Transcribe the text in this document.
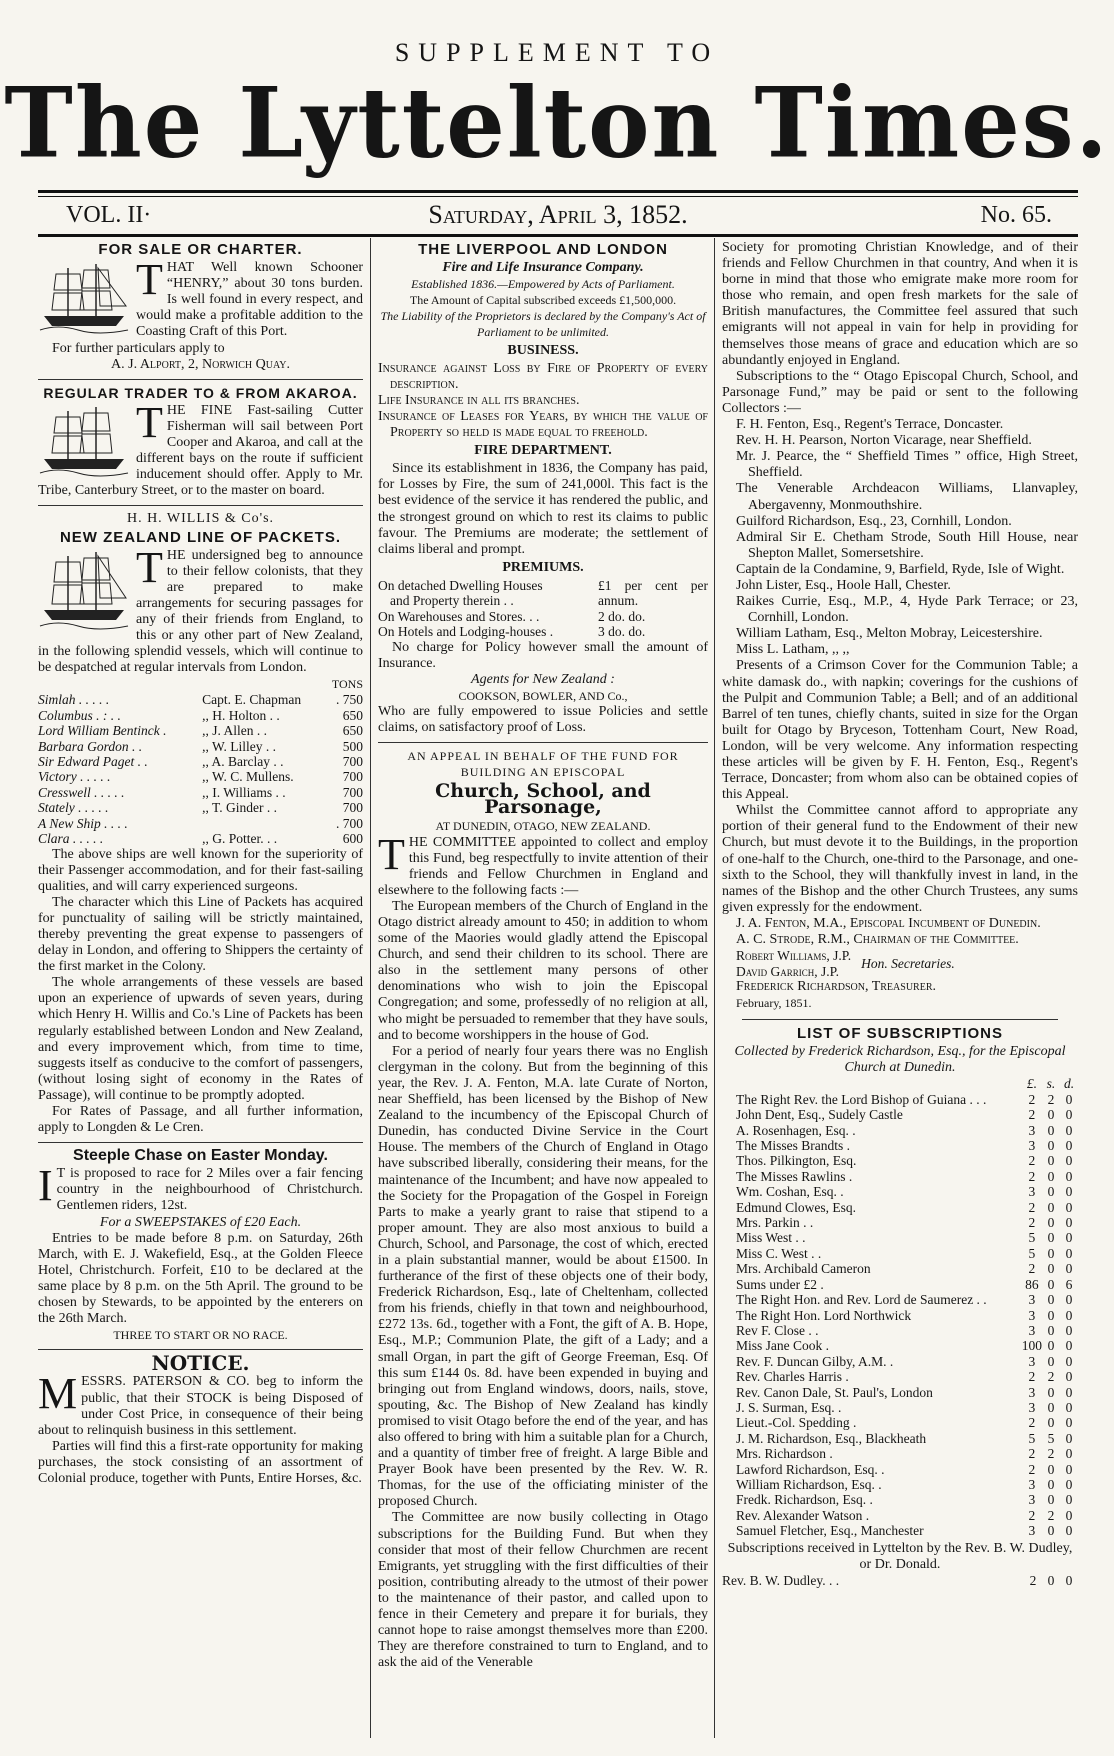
SUPPLEMENT TO
The Lyttelton Times.
VOL. II·	Saturday, April 3, 1852.	No. 65.
FOR SALE OR CHARTER.
T HAT Well known Schooner “HENRY,” about 30 tons burden. Is well found in every respect, and would make a profitable addition to the Coasting Craft of this Port.

For further particulars apply to

A. J. Alport, 2, Norwich Quay.

REGULAR TRADER TO & FROM AKAROA.
T HE FINE Fast-sailing Cutter Fisherman will sail between Port Cooper and Akaroa, and call at the different bays on the route if sufficient inducement should offer. Apply to Mr. Tribe, Canterbury Street, or to the master on board.

H. H. WILLIS & Co's.
NEW ZEALAND LINE OF PACKETS.
T HE undersigned beg to announce to their fellow colonists, that they are prepared to make arrangements for securing passages for any of their friends from England, to this or any other part of New Zealand, in the following splendid vessels, which will continue to be despatched at regular intervals from London.

TONS
Simlah . . . . .	Capt. E. Chapman	. 750
Columbus . : . .	,, H. Holton . .	650
Lord William Bentinck .	,, J. Allen . .	650
Barbara Gordon . .	,, W. Lilley . .	500
Sir Edward Paget . .	,, A. Barclay . .	700
Victory . . . . .	,, W. C. Mullens.	700
Cresswell . . . . .	,, I. Williams . .	700
Stately . . . . .	,, T. Ginder . .	700
A New Ship . . . .		. 700
Clara . . . . .	,, G. Potter. . .	600

The above ships are well known for the superiority of their Passenger accommodation, and for their fast-sailing qualities, and will carry experienced surgeons.

The character which this Line of Packets has acquired for punctuality of sailing will be strictly maintained, thereby preventing the great expense to passengers of delay in London, and offering to Shippers the certainty of the first market in the Colony.

The whole arrangements of these vessels are based upon an experience of upwards of seven years, during which Henry H. Willis and Co.'s Line of Packets has been regularly established between London and New Zealand, and every improvement which, from time to time, suggests itself as conducive to the comfort of passengers, (without losing sight of economy in the Rates of Passage), will continue to be promptly adopted.

For Rates of Passage, and all further information, apply to Longden & Le Cren.

Steeple Chase on Easter Monday.
I T is proposed to race for 2 Miles over a fair fencing country in the neighbourhood of Christchurch. Gentlemen riders, 12st.

For a SWEEPSTAKES of £20 Each.

Entries to be made before 8 p.m. on Saturday, 26th March, with E. J. Wakefield, Esq., at the Golden Fleece Hotel, Christchurch. Forfeit, £10 to be declared at the same place by 8 p.m. on the 5th April. The ground to be chosen by Stewards, to be appointed by the enterers on the 26th March.

THREE TO START OR NO RACE.

NOTICE.
M ESSRS. PATERSON & CO. beg to inform the public, that their STOCK is being Disposed of under Cost Price, in consequence of their being about to relinquish business in this settlement.

Parties will find this a first-rate opportunity for making purchases, the stock consisting of an assortment of Colonial produce, together with Punts, Entire Horses, &c.

THE LIVERPOOL AND LONDON
Fire and Life Insurance Company.

Established 1836.—Empowered by Acts of Parliament.

The Amount of Capital subscribed exceeds £1,500,000.

The Liability of the Proprietors is declared by the Company's Act of Parliament to be unlimited.

BUSINESS.

Insurance against Loss by Fire of Property of every description.

Life Insurance in all its branches.

Insurance of Leases for Years, by which the value of Property so held is made equal to freehold.

FIRE DEPARTMENT.

Since its establishment in 1836, the Company has paid, for Losses by Fire, the sum of 241,000l. This fact is the best evidence of the service it has rendered the public, and the strongest ground on which to rest its claims to public favour. The Premiums are moderate; the settlement of claims liberal and prompt.

PREMIUMS.
On detached Dwelling Houses	£1 per cent per annum.
and Property therein . .	
On Warehouses and Stores. . .	2 do. do.
On Hotels and Lodging-houses .	3 do. do.

No charge for Policy however small the amount of Insurance.

Agents for New Zealand :

COOKSON, BOWLER, AND Co.,

Who are fully empowered to issue Policies and settle claims, on satisfactory proof of Loss.

AN APPEAL IN BEHALF OF THE FUND FOR

BUILDING AN EPISCOPAL

Church, School, and Parsonage,

AT DUNEDIN, OTAGO, NEW ZEALAND.

T HE COMMITTEE appointed to collect and employ this Fund, beg respectfully to invite attention of their friends and Fellow Churchmen in England and elsewhere to the following facts :—

The European members of the Church of England in the Otago district already amount to 450; in addition to whom some of the Maories would gladly attend the Episcopal Church, and send their children to its school. There are also in the settlement many persons of other denominations who wish to join the Episcopal Congregation; and some, professedly of no religion at all, who might be persuaded to remember that they have souls, and to become worshippers in the house of God.

For a period of nearly four years there was no English clergyman in the colony. But from the beginning of this year, the Rev. J. A. Fenton, M.A. late Curate of Norton, near Sheffield, has been licensed by the Bishop of New Zealand to the incumbency of the Episcopal Church of Dunedin, has conducted Divine Service in the Court House. The members of the Church of England in Otago have subscribed liberally, considering their means, for the maintenance of the Incumbent; and have now appealed to the Society for the Propagation of the Gospel in Foreign Parts to make a yearly grant to raise that stipend to a proper amount. They are also most anxious to build a Church, School, and Parsonage, the cost of which, erected in a plain substantial manner, would be about £1500. In furtherance of the first of these objects one of their body, Frederick Richardson, Esq., late of Cheltenham, collected from his friends, chiefly in that town and neighbourhood, £272 13s. 6d., together with a Font, the gift of A. B. Hope, Esq., M.P.; Communion Plate, the gift of a Lady; and a small Organ, in part the gift of George Freeman, Esq. Of this sum £144 0s. 8d. have been expended in buying and bringing out from England windows, doors, nails, stove, spouting, &c. The Bishop of New Zealand has kindly promised to visit Otago before the end of the year, and has also offered to bring with him a suitable plan for a Church, and a quantity of timber free of freight. A large Bible and Prayer Book have been presented by the Rev. W. R. Thomas, for the use of the officiating minister of the proposed Church.

The Committee are now busily collecting in Otago subscriptions for the Building Fund. But when they consider that most of their fellow Churchmen are recent Emigrants, yet struggling with the first difficulties of their position, contributing already to the utmost of their power to the maintenance of their pastor, and called upon to fence in their Cemetery and prepare it for burials, they cannot hope to raise amongst themselves more than £200. They are therefore constrained to turn to England, and to ask the aid of the Venerable

Society for promoting Christian Knowledge, and of their friends and Fellow Churchmen in that country, And when it is borne in mind that those who emigrate make more room for those who remain, and open fresh markets for the sale of British manufactures, the Committee feel assured that such emigrants will not appeal in vain for help in providing for themselves those means of grace and education which are so abundantly enjoyed in England.

Subscriptions to the “ Otago Episcopal Church, School, and Parsonage Fund,” may be paid or sent to the following Collectors :—

F. H. Fenton, Esq., Regent's Terrace, Doncaster.

Rev. H. H. Pearson, Norton Vicarage, near Sheffield.

Mr. J. Pearce, the “ Sheffield Times ” office, High Street, Sheffield.

The Venerable Archdeacon Williams, Llanvapley, Abergavenny, Monmouthshire.

Guilford Richardson, Esq., 23, Cornhill, London.

Admiral Sir E. Chetham Strode, South Hill House, near Shepton Mallet, Somersetshire.

Captain de la Condamine, 9, Barfield, Ryde, Isle of Wight.

John Lister, Esq., Hoole Hall, Chester.

Raikes Currie, Esq., M.P., 4, Hyde Park Terrace; or 23, Cornhill, London.

William Latham, Esq., Melton Mobray, Leicestershire.

Miss L. Latham, ,, ,,

Presents of a Crimson Cover for the Communion Table; a white damask do., with napkin; coverings for the cushions of the Pulpit and Communion Table; a Bell; and of an additional Barrel of ten tunes, chiefly chants, suited in size for the Organ built for Otago by Bryceson, Tottenham Court, New Road, London, will be very welcome. Any information respecting these articles will be given by F. H. Fenton, Esq., Regent's Terrace, Doncaster; from whom also can be obtained copies of this Appeal.

Whilst the Committee cannot afford to appropriate any portion of their general fund to the Endowment of their new Church, but must devote it to the Buildings, in the proportion of one-half to the Church, one-third to the Parsonage, and one-sixth to the School, they will thankfully invest in land, in the names of the Bishop and the other Church Trustees, any sums given expressly for the endowment.

J. A. Fenton, M.A., Episcopal Incumbent of Dunedin.

A. C. Strode, R.M., Chairman of the Committee.

Robert Williams, J.P.	Hon. Secretaries.
David Garrich, J.P.

Frederick Richardson, Treasurer.

February, 1851.

LIST OF SUBSCRIPTIONS

Collected by Frederick Richardson, Esq., for the Episcopal Church at Dunedin.

	£.	s.	d.
The Right Rev. the Lord Bishop of Guiana . . .	2	2	0
John Dent, Esq., Sudely Castle	2	0	0
A. Rosenhagen, Esq. .	3	0	0
The Misses Brandts .	3	0	0
Thos. Pilkington, Esq.	2	0	0
The Misses Rawlins .	2	0	0
Wm. Coshan, Esq. .	3	0	0
Edmund Clowes, Esq.	2	0	0
Mrs. Parkin . .	2	0	0
Miss West . .	5	0	0
Miss C. West . .	5	0	0
Mrs. Archibald Cameron	2	0	0
Sums under £2 .	86	0	6
The Right Hon. and Rev. Lord de Saumerez . .	3	0	0
The Right Hon. Lord Northwick	3	0	0
Rev F. Close . .	3	0	0
Miss Jane Cook .	100	0	0
Rev. F. Duncan Gilby, A.M. .	3	0	0
Rev. Charles Harris .	2	2	0
Rev. Canon Dale, St. Paul's, London	3	0	0
J. S. Surman, Esq. .	3	0	0
Lieut.-Col. Spedding .	2	0	0
J. M. Richardson, Esq., Blackheath	5	5	0
Mrs. Richardson .	2	2	0
Lawford Richardson, Esq. .	2	0	0
William Richardson, Esq. .	3	0	0
Fredk. Richardson, Esq. .	3	0	0
Rev. Alexander Watson .	2	2	0
Samuel Fletcher, Esq., Manchester	3	0	0

Subscriptions received in Lyttelton by the Rev. B. W. Dudley, or Dr. Donald.

Rev. B. W. Dudley. . .	2	0	0
